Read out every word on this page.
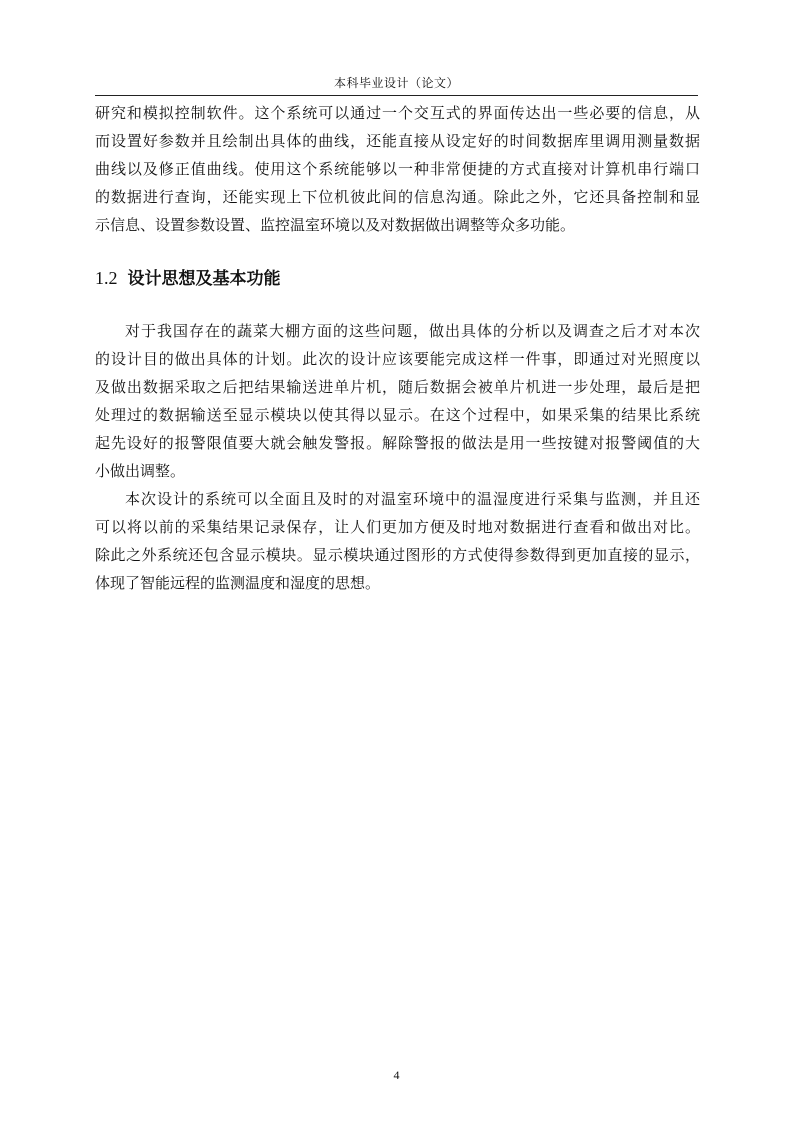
本科毕业设计（论文）
研究和模拟控制软件。这个系统可以通过一个交互式的界面传达出一些必要的信息，从
而设置好参数并且绘制出具体的曲线，还能直接从设定好的时间数据库里调用测量数据
曲线以及修正值曲线。使用这个系统能够以一种非常便捷的方式直接对计算机串行端口
的数据进行查询，还能实现上下位机彼此间的信息沟通。除此之外，它还具备控制和显
示信息、设置参数设置、监控温室环境以及对数据做出调整等众多功能。
1.2 设计思想及基本功能
对于我国存在的蔬菜大棚方面的这些问题，做出具体的分析以及调查之后才对本次
的设计目的做出具体的计划。此次的设计应该要能完成这样一件事，即通过对光照度以
及做出数据采取之后把结果输送进单片机，随后数据会被单片机进一步处理，最后是把
处理过的数据输送至显示模块以使其得以显示。在这个过程中，如果采集的结果比系统
起先设好的报警限值要大就会触发警报。解除警报的做法是用一些按键对报警阈值的大
小做出调整。
本次设计的系统可以全面且及时的对温室环境中的温湿度进行采集与监测，并且还
可以将以前的采集结果记录保存，让人们更加方便及时地对数据进行查看和做出对比。
除此之外系统还包含显示模块。显示模块通过图形的方式使得参数得到更加直接的显示，
体现了智能远程的监测温度和湿度的思想。
4
